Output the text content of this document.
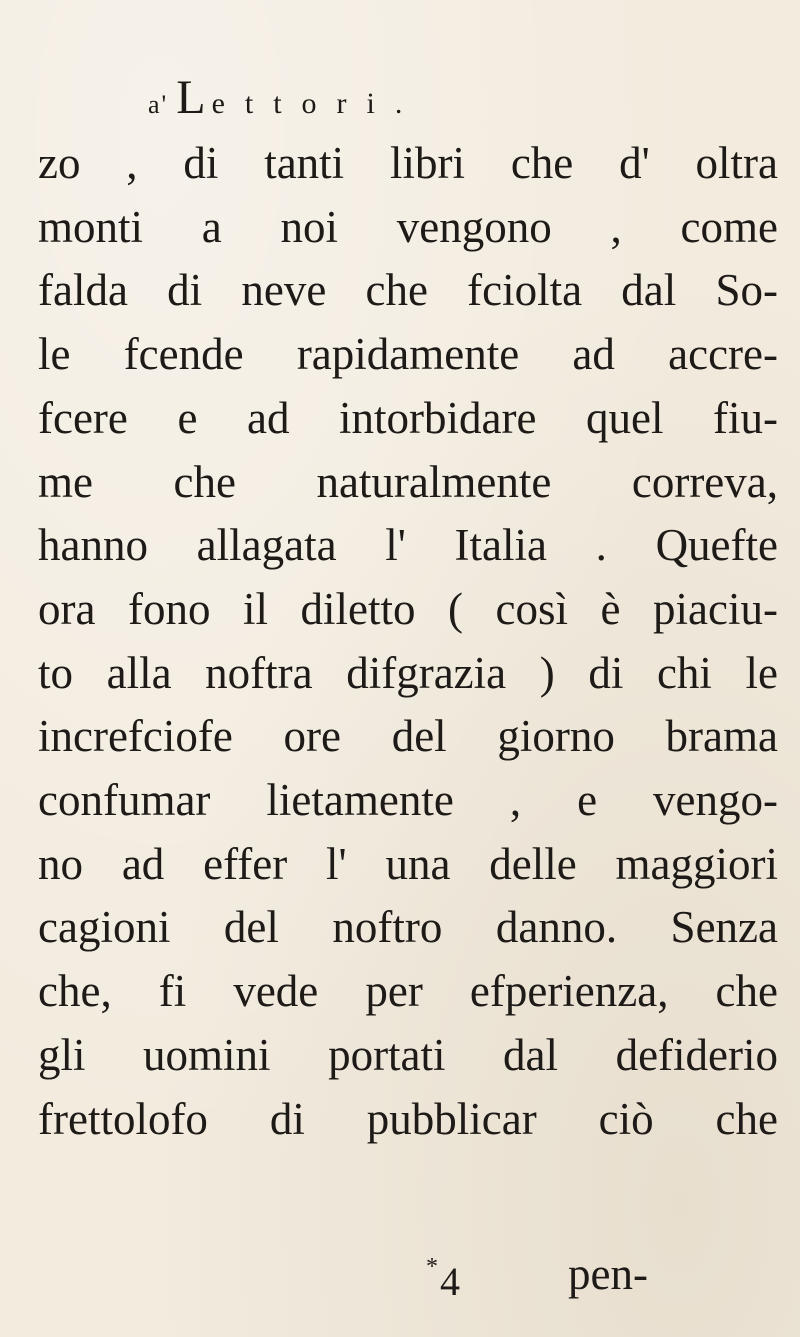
a' L ettori.
zo , di tanti libri che d' oltra
monti a noi vengono , come
falda di neve che fciolta dal So-
le fcende rapidamente ad accre-
fcere e ad intorbidare quel fiu-
me che naturalmente correva,
hanno allagata l' Italia . Quefte
ora fono il diletto ( così è piaciu-
to alla noftra difgrazia ) di chi le
increfciofe ore del giorno brama
confumar lietamente , e vengo-
no ad effer l' una delle maggiori
cagioni del noftro danno. Senza
che, fi vede per efperienza, che
gli uomini portati dal defiderio
frettolofo di pubblicar ciò che
* 4 pen-
